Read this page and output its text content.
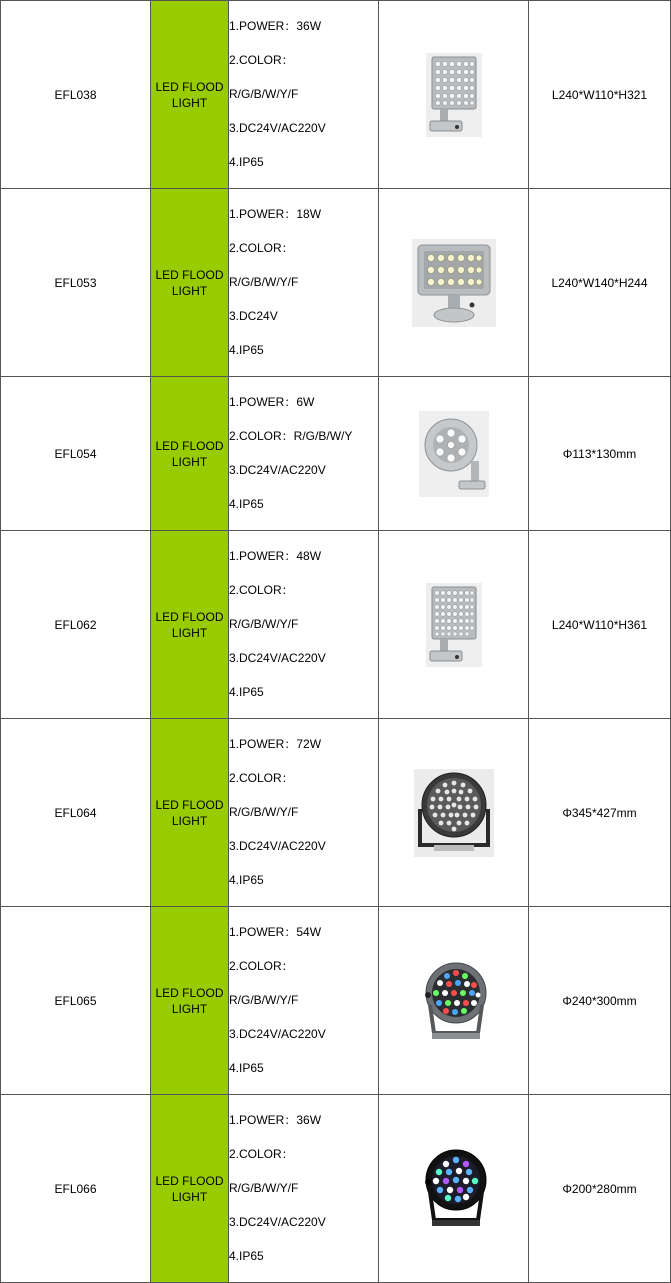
EFL038	LED FLOOD LIGHT	1.POWER：36W

2.COLOR：

R/G/B/W/Y/F

3.DC24V/AC220V

4.IP65		L240*W110*H321
EFL053	LED FLOOD LIGHT	1.POWER：18W

2.COLOR：

R/G/B/W/Y/F

3.DC24V

4.IP65		L240*W140*H244
EFL054	LED FLOOD LIGHT	1.POWER：6W

2.COLOR：R/G/B/W/Y

3.DC24V/AC220V

4.IP65		Φ113*130mm
EFL062	LED FLOOD LIGHT	1.POWER：48W

2.COLOR：

R/G/B/W/Y/F

3.DC24V/AC220V

4.IP65		L240*W110*H361
EFL064	LED FLOOD LIGHT	1.POWER：72W

2.COLOR：

R/G/B/W/Y/F

3.DC24V/AC220V

4.IP65		Φ345*427mm
EFL065	LED FLOOD LIGHT	1.POWER：54W

2.COLOR：

R/G/B/W/Y/F

3.DC24V/AC220V

4.IP65		Φ240*300mm
EFL066	LED FLOOD LIGHT	1.POWER：36W

2.COLOR：

R/G/B/W/Y/F

3.DC24V/AC220V

4.IP65		Φ200*280mm
